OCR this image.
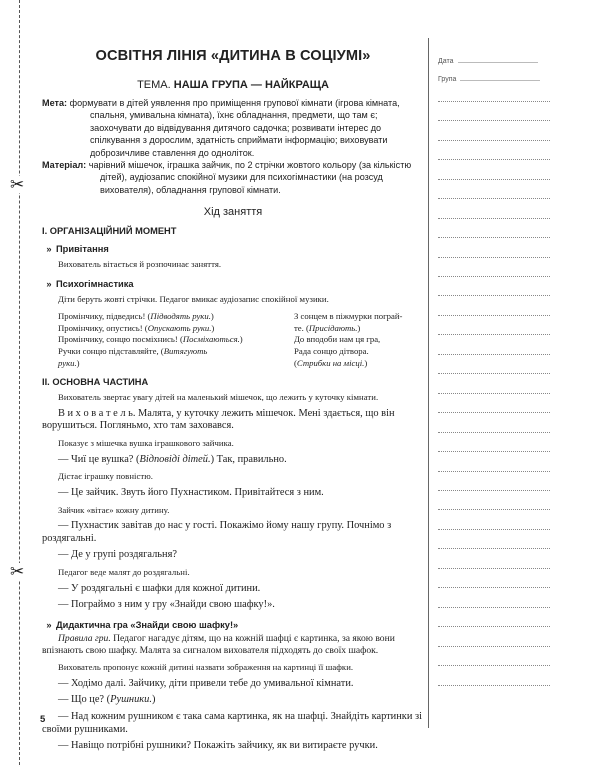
✂
✂
ОСВІТНЯ ЛІНІЯ «ДИТИНА В СОЦІУМІ»
ТЕМА. НАША ГРУПА — НАЙКРАЩА
Мета: формувати в дітей уявлення про приміщення групової кімнати (ігрова кімната, спальня, умивальна кімната), їхнє обладнання, предмети, що там є; заохочувати до відвідування дитячого садочка; розвивати інтерес до спілкування з дорослим, здатність сприймати інформацію; виховувати доброзичливе ставлення до одноліток.
Матеріал: чарівний мішечок, іграшка зайчик, по 2 стрічки жовтого кольору (за кількістю дітей), аудіозапис спокійної музики для психогімнастики (на розсуд вихователя), обладнання групової кімнати.
Хід заняття
I. ОРГАНІЗАЦІЙНИЙ МОМЕНТ
» Привітання
Вихователь вітається й розпочинає заняття.
» Психогімнастика
Діти беруть жовті стрічки. Педагог вмикає аудіозапис спокійної музики.
Промінчику, підведись! (Підводять руки.)
Промінчику, опустись! (Опускають руки.)
Промінчику, сонцю посміхнись! (Посміхаються.)
Ручки сонцю підставляйте, (Витягують
руки.)
З сонцем в піжмурки пограй-
те. (Присідають.)
До вподоби нам ця гра,
Рада сонцю дітвора.
(Стрибки на місці.)
II. ОСНОВНА ЧАСТИНА
Вихователь звертає увагу дітей на маленький мішечок, що лежить у куточку кімнати.
В и х о в а т е л ь. Малята, у куточку лежить мішечок. Мені здається, що він ворушиться. Погляньмо, хто там заховався.
Показує з мішечка вушка іграшкового зайчика.
— Чиї це вушка? (Відповіді дітей.) Так, правильно.
Дістає іграшку повністю.
— Це зайчик. Звуть його Пухнастиком. Привітайтеся з ним.
Зайчик «вітає» кожну дитину.
— Пухнастик завітав до нас у гості. Покажімо йому нашу групу. Почнімо з роздягальні.
— Де у групі роздягальня?
Педагог веде малят до роздягальні.
— У роздягальні є шафки для кожної дитини.
— Пограймо з ним у гру «Знайди свою шафку!».
» Дидактична гра «Знайди свою шафку!»
Правила гри. Педагог нагадує дітям, що на кожній шафці є картинка, за якою вони впізнають свою шафку. Малята за сигналом вихователя підходять до своїх шафок.
Вихователь пропонує кожній дитині назвати зображення на картинці її шафки.
— Ходімо далі. Зайчику, діти привели тебе до умивальної кімнати.
— Що це? (Рушники.)
— Над кожним рушником є така сама картинка, як на шафці. Знайдіть картинки зі своїми рушниками.
— Навіщо потрібні рушники? Покажіть зайчику, як ви витираєте ручки.
5
Дата
Група
